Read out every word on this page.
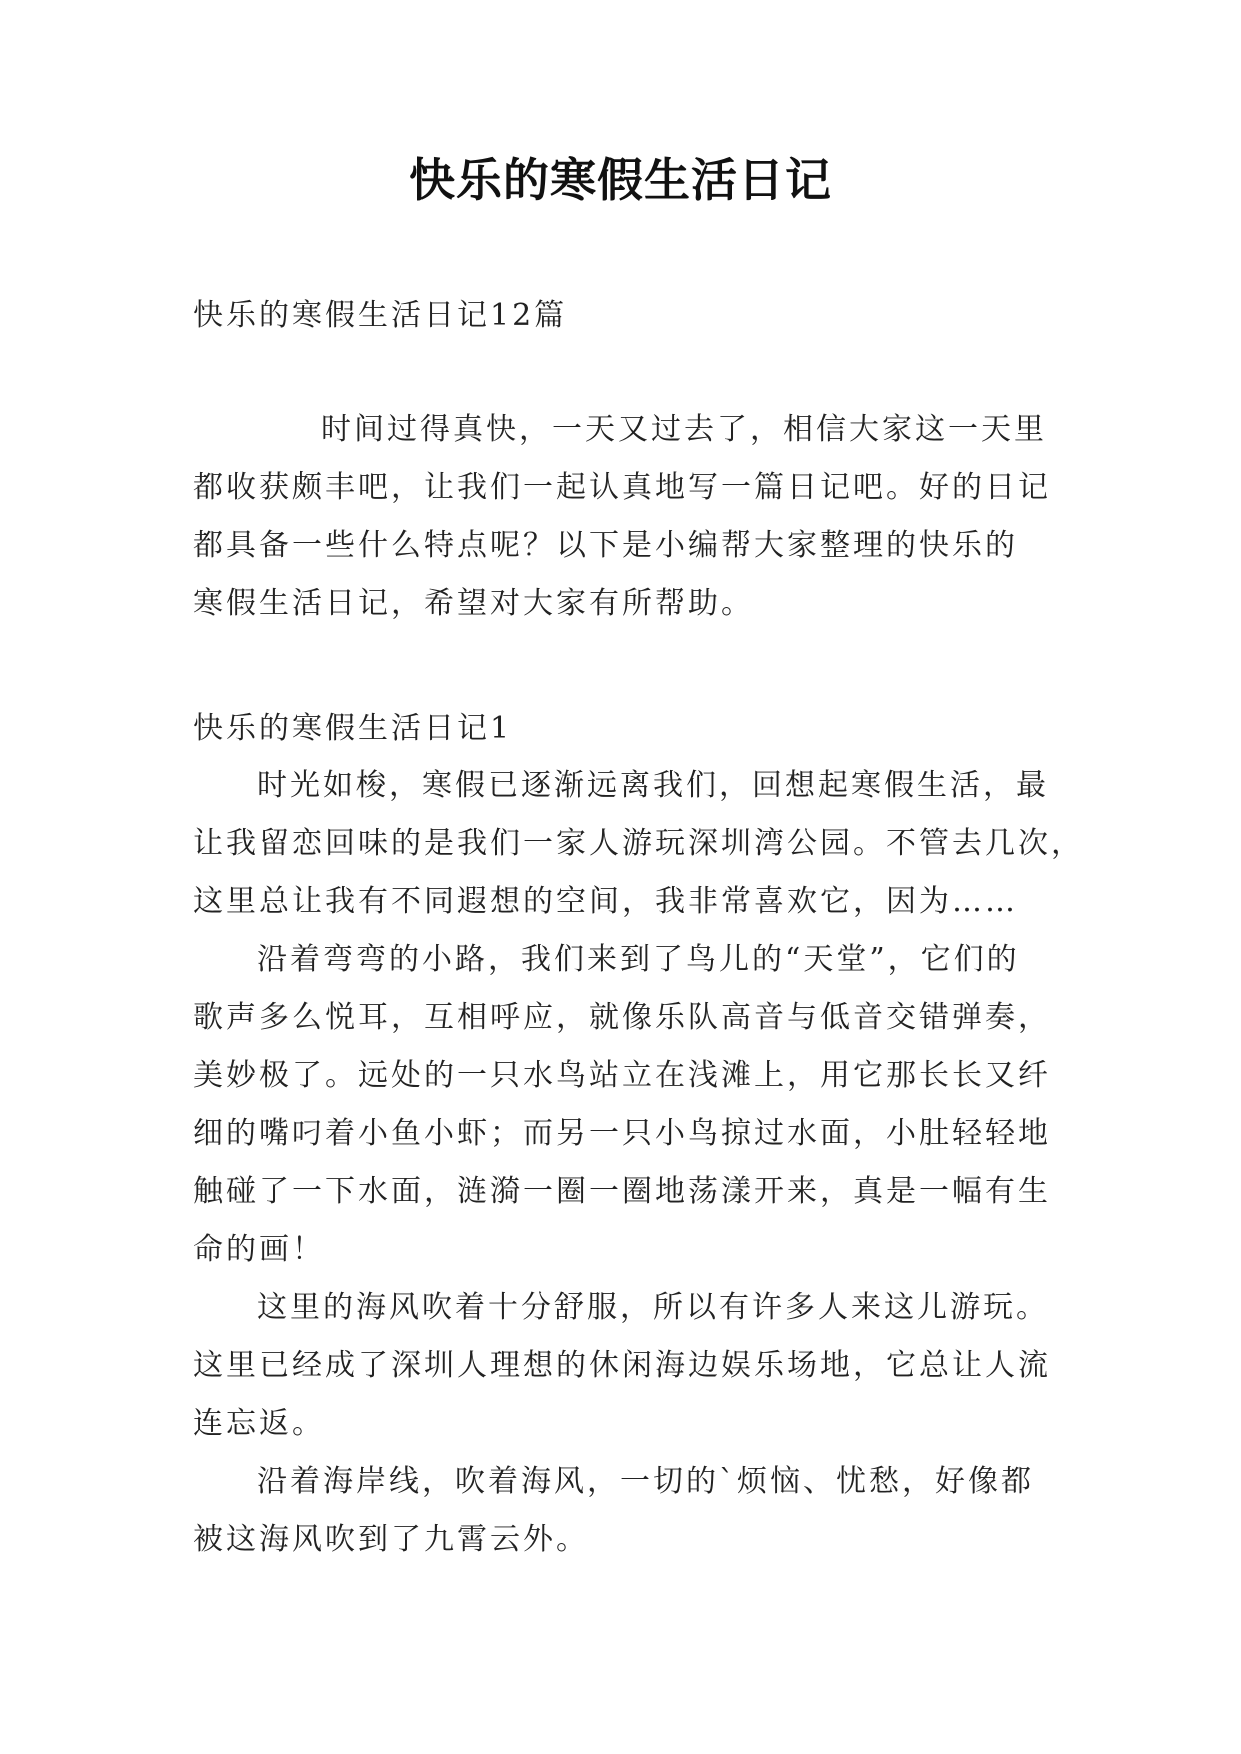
快乐的寒假生活日记
快乐的寒假生活日记12篇
时间过得真快，一天又过去了，相信大家这一天里
都收获颇丰吧，让我们一起认真地写一篇日记吧。好的日记
都具备一些什么特点呢？以下是小编帮大家整理的快乐的
寒假生活日记，希望对大家有所帮助。
快乐的寒假生活日记1
时光如梭，寒假已逐渐远离我们，回想起寒假生活，最
让我留恋回味的是我们一家人游玩深圳湾公园。不管去几次，
这里总让我有不同遐想的空间，我非常喜欢它，因为……
沿着弯弯的小路，我们来到了鸟儿的“天堂”，它们的
歌声多么悦耳，互相呼应，就像乐队高音与低音交错弹奏，
美妙极了。远处的一只水鸟站立在浅滩上，用它那长长又纤
细的嘴叼着小鱼小虾；而另一只小鸟掠过水面，小肚轻轻地
触碰了一下水面，涟漪一圈一圈地荡漾开来，真是一幅有生
命的画！
这里的海风吹着十分舒服，所以有许多人来这儿游玩。
这里已经成了深圳人理想的休闲海边娱乐场地，它总让人流
连忘返。
沿着海岸线，吹着海风，一切的`烦恼、忧愁，好像都
被这海风吹到了九霄云外。
